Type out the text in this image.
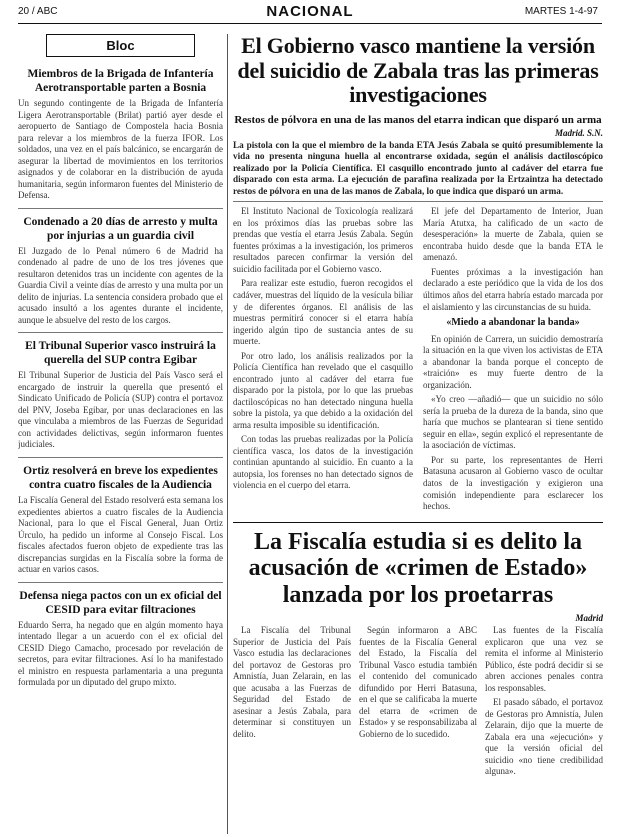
20 / ABC	NACIONAL	MARTES 1-4-97
Bloc
Miembros de la Brigada de Infantería Aerotransportable parten a Bosnia
Un segundo contingente de la Brigada de Infantería Ligera Aerotransportable (Brilat) partió ayer desde el aeropuerto de Santiago de Compostela hacia Bosnia para relevar a los miembros de la fuerza IFOR. Los soldados, una vez en el país balcánico, se encargarán de asegurar la libertad de movimientos en los territorios asignados y de colaborar en la distribución de ayuda humanitaria, según informaron fuentes del Ministerio de Defensa.
Condenado a 20 días de arresto y multa por injurias a un guardia civil
El Juzgado de lo Penal número 6 de Madrid ha condenado al padre de uno de los tres jóvenes que resultaron detenidos tras un incidente con agentes de la Guardia Civil a veinte días de arresto y una multa por un delito de injurias. La sentencia considera probado que el acusado insultó a los agentes durante el incidente, aunque le absuelve del resto de los cargos.
El Tribunal Superior vasco instruirá la querella del SUP contra Egibar
El Tribunal Superior de Justicia del País Vasco será el encargado de instruir la querella que presentó el Sindicato Unificado de Policía (SUP) contra el portavoz del PNV, Joseba Egibar, por unas declaraciones en las que vinculaba a miembros de las Fuerzas de Seguridad con actividades delictivas, según informaron fuentes judiciales.
Ortiz resolverá en breve los expedientes contra cuatro fiscales de la Audiencia
La Fiscalía General del Estado resolverá esta semana los expedientes abiertos a cuatro fiscales de la Audiencia Nacional, para lo que el Fiscal General, Juan Ortiz Úrculo, ha pedido un informe al Consejo Fiscal. Los fiscales afectados fueron objeto de expediente tras las discrepancias surgidas en la Fiscalía sobre la forma de actuar en varios casos.
Defensa niega pactos con un ex oficial del CESID para evitar filtraciones
Eduardo Serra, ha negado que en algún momento haya intentado llegar a un acuerdo con el ex oficial del CESID Diego Camacho, procesado por revelación de secretos, para evitar filtraciones. Así lo ha manifestado el ministro en respuesta parlamentaria a una pregunta formulada por un diputado del grupo mixto.
El Gobierno vasco mantiene la versión del suicidio de Zabala tras las primeras investigaciones
Restos de pólvora en una de las manos del etarra indican que disparó un arma
Madrid. S.N.
La pistola con la que el miembro de la banda ETA Jesús Zabala se quitó presumiblemente la vida no presenta ninguna huella al encontrarse oxidada, según el análisis dactiloscópico realizado por la Policía Científica. El casquillo encontrado junto al cadáver del etarra fue disparado con esta arma. La ejecución de parafina realizada por la Ertzaintza ha detectado restos de pólvora en una de las manos de Zabala, lo que indica que disparó un arma.

El Instituto Nacional de Toxicología realizará en los próximos días las pruebas sobre las prendas que vestía el etarra Jesús Zabala. Según fuentes próximas a la investigación, los primeros resultados parecen confirmar la versión del suicidio facilitada por el Gobierno vasco.

Para realizar este estudio, fueron recogidos el cadáver, muestras del líquido de la vesícula biliar y de diferentes órganos. El análisis de las muestras permitirá conocer si el etarra había ingerido algún tipo de sustancia antes de su muerte.

Por otro lado, los análisis realizados por la Policía Científica han revelado que el casquillo encontrado junto al cadáver del etarra fue disparado por la pistola, por lo que las pruebas dactiloscópicas no han detectado ninguna huella sobre la pistola, ya que debido a la oxidación del arma resulta imposible su identificación.

Con todas las pruebas realizadas por la Policía científica vasca, los datos de la investigación continúan apuntando al suicidio. En cuanto a la autopsia, los forenses no han detectado signos de violencia en el cuerpo del etarra.

El jefe del Departamento de Interior, Juan María Atutxa, ha calificado de un «acto de desesperación» la muerte de Zabala, quien se encontraba huido desde que la banda ETA le amenazó.

Fuentes próximas a la investigación han declarado a este periódico que la vida de los dos últimos años del etarra habría estado marcada por el aislamiento y las circunstancias de su huida.

«Miedo a abandonar la banda»

En opinión de Carrera, un suicidio demostraría la situación en la que viven los activistas de ETA a abandonar la banda porque el concepto de «traición» es muy fuerte dentro de la organización.

«Yo creo —añadió— que un suicidio no sólo sería la prueba de la dureza de la banda, sino que haría que muchos se plantearan si tiene sentido seguir en ella», según explicó el representante de la asociación de víctimas.

Por su parte, los representantes de Herri Batasuna acusaron al Gobierno vasco de ocultar datos de la investigación y exigieron una comisión independiente para esclarecer los hechos.

La Fiscalía estudia si es delito la acusación de «crimen de Estado» lanzada por los proetarras
Madrid

La Fiscalía del Tribunal Superior de Justicia del País Vasco estudia las declaraciones del portavoz de Gestoras pro Amnistía, Juan Zelarain, en las que acusaba a las Fuerzas de Seguridad del Estado de asesinar a Jesús Zabala, para determinar si constituyen un delito.

Según informaron a ABC fuentes de la Fiscalía General del Estado, la Fiscalía del Tribunal Vasco estudia también el contenido del comunicado difundido por Herri Batasuna, en el que se calificaba la muerte del etarra de «crimen de Estado» y se responsabilizaba al Gobierno de lo sucedido.

Las fuentes de la Fiscalía explicaron que una vez se remita el informe al Ministerio Público, éste podrá decidir si se abren acciones penales contra los responsables.

El pasado sábado, el portavoz de Gestoras pro Amnistía, Julen Zelarain, dijo que la muerte de Zabala era una «ejecución» y que la versión oficial del suicidio «no tiene credibilidad alguna».
